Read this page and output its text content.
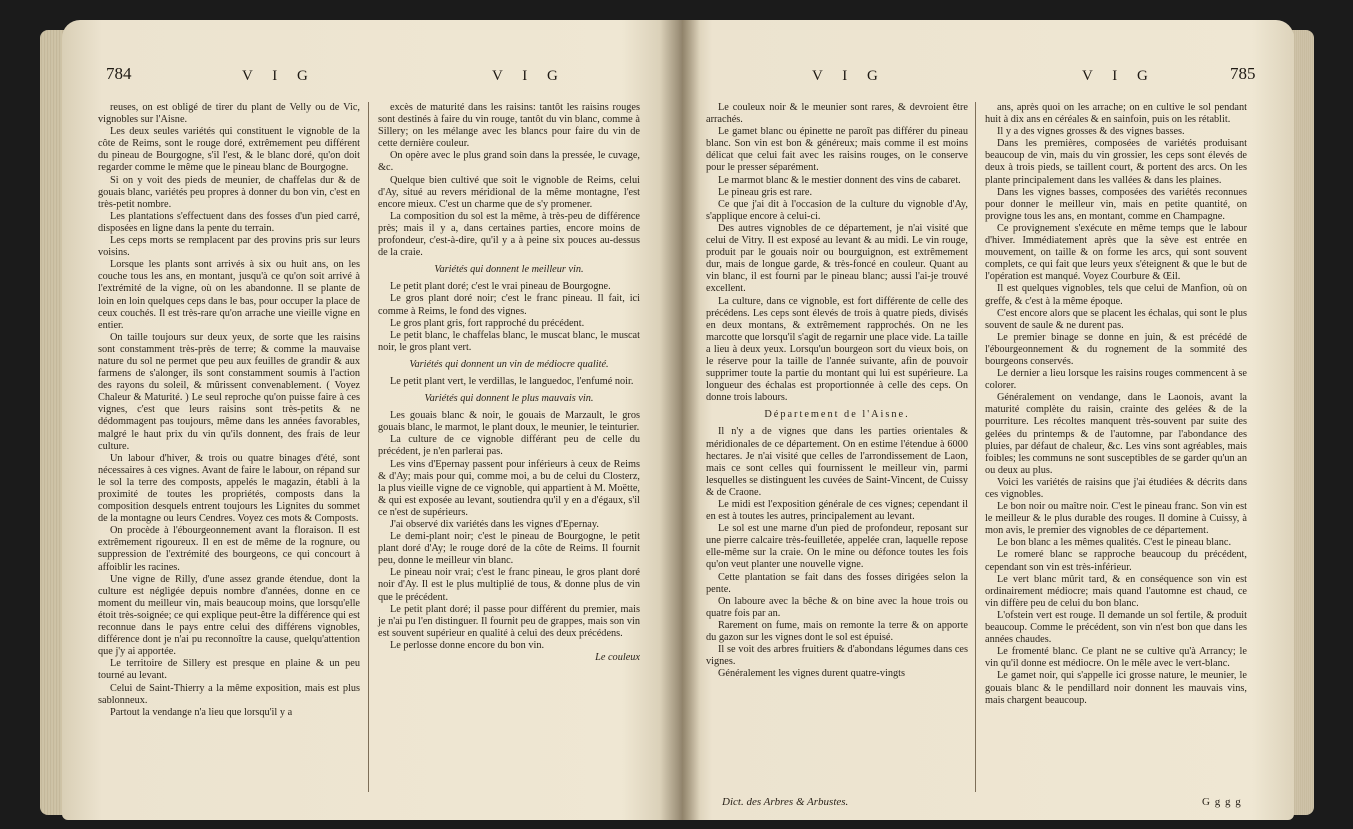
784	V I G	V I G

reuses, on est obligé de tirer du plant de Velly ou de Vic, vignobles sur l'Aisne.

Les deux seules variétés qui constituent le vignoble de la côte de Reims, sont le rouge doré, extrêmement peu différent du pineau de Bourgogne, s'il l'est, & le blanc doré, qu'on doit regarder comme le même que le pineau blanc de Bourgogne.

Si on y voit des pieds de meunier, de chaffelas dur & de gouais blanc, variétés peu propres à donner du bon vin, c'est en très-petit nombre.

Les plantations s'effectuent dans des fosses d'un pied carré, disposées en ligne dans la pente du terrain.

Les ceps morts se remplacent par des provins pris sur leurs voisins.

Lorsque les plants sont arrivés à six ou huit ans, on les couche tous les ans, en montant, jusqu'à ce qu'on soit arrivé à l'extrémité de la vigne, où on les abandonne. Il se plante de loin en loin quelques ceps dans le bas, pour occuper la place de ceux couchés. Il est très-rare qu'on arrache une vieille vigne en entier.

On taille toujours sur deux yeux, de sorte que les raisins sont constamment très-près de terre; & comme la mauvaise nature du sol ne permet que peu aux feuilles de grandir & aux farmens de s'alonger, ils sont constamment soumis à l'action des rayons du soleil, & mûrissent convenablement. ( Voyez Chaleur & Maturité. ) Le seul reproche qu'on puisse faire à ces vignes, c'est que leurs raisins sont très-petits & ne dédommagent pas toujours, même dans les années favorables, malgré le haut prix du vin qu'ils donnent, des frais de leur culture.

Un labour d'hiver, & trois ou quatre binages d'été, sont nécessaires à ces vignes. Avant de faire le labour, on répand sur le sol la terre des composts, appelés le magazin, établi à la proximité de toutes les propriétés, composts dans la composition desquels entrent toujours les Lignites du sommet de la montagne ou leurs Cendres. Voyez ces mots & Composts.

On procède à l'ébourgeonnement avant la floraison. Il est extrêmement rigoureux. Il en est de même de la rognure, ou suppression de l'extrémité des bourgeons, ce qui concourt à affoiblir les racines.

Une vigne de Rilly, d'une assez grande étendue, dont la culture est négligée depuis nombre d'années, donne en ce moment du meilleur vin, mais beaucoup moins, que lorsqu'elle étoit très-soignée; ce qui explique peut-être la différence qui est reconnue dans le pays entre celui des différens vignobles, différence dont je n'ai pu reconnoître la cause, quelqu'attention que j'y ai apportée.

Le territoire de Sillery est presque en plaine & un peu tourné au levant.

Celui de Saint-Thierry a la même exposition, mais est plus sablonneux.

Partout la vendange n'a lieu que lorsqu'il y a

excès de maturité dans les raisins: tantôt les raisins rouges sont destinés à faire du vin rouge, tantôt du vin blanc, comme à Sillery; on les mélange avec les blancs pour faire du vin de cette dernière couleur.

On opère avec le plus grand soin dans la pressée, le cuvage, &c.

Quelque bien cultivé que soit le vignoble de Reims, celui d'Ay, situé au revers méridional de la même montagne, l'est encore mieux. C'est un charme que de s'y promener.

La composition du sol est la même, à très-peu de différence près; mais il y a, dans certaines parties, encore moins de profondeur, c'est-à-dire, qu'il y a à peine six pouces au-dessus de la craie.

Variétés qui donnent le meilleur vin.

Le petit plant doré; c'est le vrai pineau de Bourgogne.

Le gros plant doré noir; c'est le franc pineau. Il fait, ici comme à Reims, le fond des vignes.

Le gros plant gris, fort rapproché du précédent.

Le petit blanc, le chaffelas blanc, le muscat blanc, le muscat noir, le gros plant vert.

Variétés qui donnent un vin de médiocre qualité.

Le petit plant vert, le verdillas, le languedoc, l'enfumé noir.

Variétés qui donnent le plus mauvais vin.

Les gouais blanc & noir, le gouais de Marzault, le gros gouais blanc, le marmot, le plant doux, le meunier, le teinturier.

La culture de ce vignoble différant peu de celle du précédent, je n'en parlerai pas.

Les vins d'Epernay passent pour inférieurs à ceux de Reims & d'Ay; mais pour qui, comme moi, a bu de celui du Closterz, la plus vieille vigne de ce vignoble, qui appartient à M. Moëtte, & qui est exposée au levant, soutiendra qu'il y en a d'égaux, s'il ce n'est de supérieurs.

J'ai observé dix variétés dans les vignes d'Epernay.

Le demi-plant noir; c'est le pineau de Bourgogne, le petit plant doré d'Ay; le rouge doré de la côte de Reims. Il fournit peu, donne le meilleur vin blanc.

Le pineau noir vrai; c'est le franc pineau, le gros plant doré noir d'Ay. Il est le plus multiplié de tous, & donne plus de vin que le précédent.

Le petit plant doré; il passe pour différent du premier, mais je n'ai pu l'en distinguer. Il fournit peu de grappes, mais son vin est souvent supérieur en qualité à celui des deux précédens.

Le perlosse donne encore du bon vin.

Le couleux

V I G	V I G	785

Le couleux noir & le meunier sont rares, & devroient être arrachés.

Le gamet blanc ou épinette ne paroît pas différer du pineau blanc. Son vin est bon & généreux; mais comme il est moins délicat que celui fait avec les raisins rouges, on le conserve pour le presser séparément.

Le marmot blanc & le mestier donnent des vins de cabaret.

Le pineau gris est rare.

Ce que j'ai dit à l'occasion de la culture du vignoble d'Ay, s'applique encore à celui-ci.

Des autres vignobles de ce département, je n'ai visité que celui de Vitry. Il est exposé au levant & au midi. Le vin rouge, produit par le gouais noir ou bourguignon, est extrêmement dur, mais de longue garde, & très-foncé en couleur. Quant au vin blanc, il est fourni par le pineau blanc; aussi l'ai-je trouvé excellent.

La culture, dans ce vignoble, est fort différente de celle des précédens. Les ceps sont élevés de trois à quatre pieds, divisés en deux montans, & extrêmement rapprochés. On ne les marcotte que lorsqu'il s'agit de regarnir une place vide. La taille a lieu à deux yeux. Lorsqu'un bourgeon sort du vieux bois, on le réserve pour la taille de l'année suivante, afin de pouvoir supprimer toute la partie du montant qui lui est supérieure. La longueur des échalas est proportionnée à celle des ceps. On donne trois labours.

Département de l'Aisne.

Il n'y a de vignes que dans les parties orientales & méridionales de ce département. On en estime l'étendue à 6000 hectares. Je n'ai visité que celles de l'arrondissement de Laon, mais ce sont celles qui fournissent le meilleur vin, parmi lesquelles se distinguent les cuvées de Saint-Vincent, de Cuissy & de Craone.

Le midi est l'exposition générale de ces vignes; cependant il en est à toutes les autres, principalement au levant.

Le sol est une marne d'un pied de profondeur, reposant sur une pierre calcaire très-feuilletée, appelée cran, laquelle repose elle-même sur la craie. On le mine ou défonce toutes les fois qu'on veut planter une nouvelle vigne.

Cette plantation se fait dans des fosses dirigées selon la pente.

On laboure avec la bêche & on bine avec la houe trois ou quatre fois par an.

Rarement on fume, mais on remonte la terre & on apporte du gazon sur les vignes dont le sol est épuisé.

Il se voit des arbres fruitiers & d'abondans légumes dans ces vignes.

Généralement les vignes durent quatre-vingts

ans, après quoi on les arrache; on en cultive le sol pendant huit à dix ans en céréales & en sainfoin, puis on les rétablit.

Il y a des vignes grosses & des vignes basses.

Dans les premières, composées de variétés produisant beaucoup de vin, mais du vin grossier, les ceps sont élevés de deux à trois pieds, se taillent court, & portent des arcs. On les plante principalement dans les vallées & dans les plaines.

Dans les vignes basses, composées des variétés reconnues pour donner le meilleur vin, mais en petite quantité, on provigne tous les ans, en montant, comme en Champagne.

Ce provignement s'exécute en même temps que le labour d'hiver. Immédiatement après que la sève est entrée en mouvement, on taille & on forme les arcs, qui sont souvent complets, ce qui fait que leurs yeux s'éteignent & que le but de l'opération est manqué. Voyez Courbure & Œil.

Il est quelques vignobles, tels que celui de Manfion, où on greffe, & c'est à la même époque.

C'est encore alors que se placent les échalas, qui sont le plus souvent de saule & ne durent pas.

Le premier binage se donne en juin, & est précédé de l'ébourgeonnement & du rognement de la sommité des bourgeons conservés.

Le dernier a lieu lorsque les raisins rouges commencent à se colorer.

Généralement on vendange, dans le Laonois, avant la maturité complète du raisin, crainte des gelées & de la pourriture. Les récoltes manquent très-souvent par suite des gelées du printemps & de l'automne, par l'abondance des pluies, par défaut de chaleur, &c. Les vins sont agréables, mais foibles; les communs ne sont susceptibles de se garder qu'un an ou deux au plus.

Voici les variétés de raisins que j'ai étudiées & décrits dans ces vignobles.

Le bon noir ou maître noir. C'est le pineau franc. Son vin est le meilleur & le plus durable des rouges. Il domine à Cuissy, à mon avis, le premier des vignobles de ce département.

Le bon blanc a les mêmes qualités. C'est le pineau blanc.

Le romeré blanc se rapproche beaucoup du précédent, cependant son vin est très-inférieur.

Le vert blanc mûrit tard, & en conséquence son vin est ordinairement médiocre; mais quand l'automne est chaud, ce vin diffère peu de celui du bon blanc.

L'ofstein vert est rouge. Il demande un sol fertile, & produit beaucoup. Comme le précédent, son vin n'est bon que dans les années chaudes.

Le fromenté blanc. Ce plant ne se cultive qu'à Arrancy; le vin qu'il donne est médiocre. On le mêle avec le vert-blanc.

Le gamet noir, qui s'appelle ici grosse nature, le meunier, le gouais blanc & le pendillard noir donnent les mauvais vins, mais chargent beaucoup.

Dict. des Arbres & Arbustes.	G g g g
